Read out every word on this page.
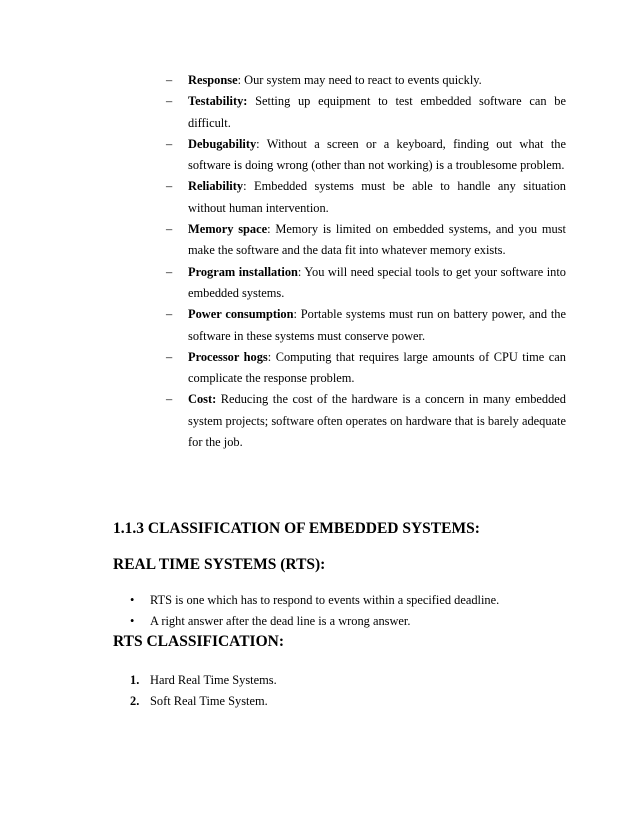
– Response: Our system may need to react to events quickly.
– Testability: Setting up equipment to test embedded software can be difficult.
– Debugability: Without a screen or a keyboard, finding out what the software is doing wrong (other than not working) is a troublesome problem.
– Reliability: Embedded systems must be able to handle any situation without human intervention.
– Memory space: Memory is limited on embedded systems, and you must make the software and the data fit into whatever memory exists.
– Program installation: You will need special tools to get your software into embedded systems.
– Power consumption: Portable systems must run on battery power, and the software in these systems must conserve power.
– Processor hogs: Computing that requires large amounts of CPU time can complicate the response problem.
– Cost: Reducing the cost of the hardware is a concern in many embedded system projects; software often operates on hardware that is barely adequate for the job.
1.1.3 CLASSIFICATION OF EMBEDDED SYSTEMS:
REAL TIME SYSTEMS (RTS):
• RTS is one which has to respond to events within a specified deadline.
• A right answer after the dead line is a wrong answer.
RTS CLASSIFICATION:
1. Hard Real Time Systems.
2. Soft Real Time System.
